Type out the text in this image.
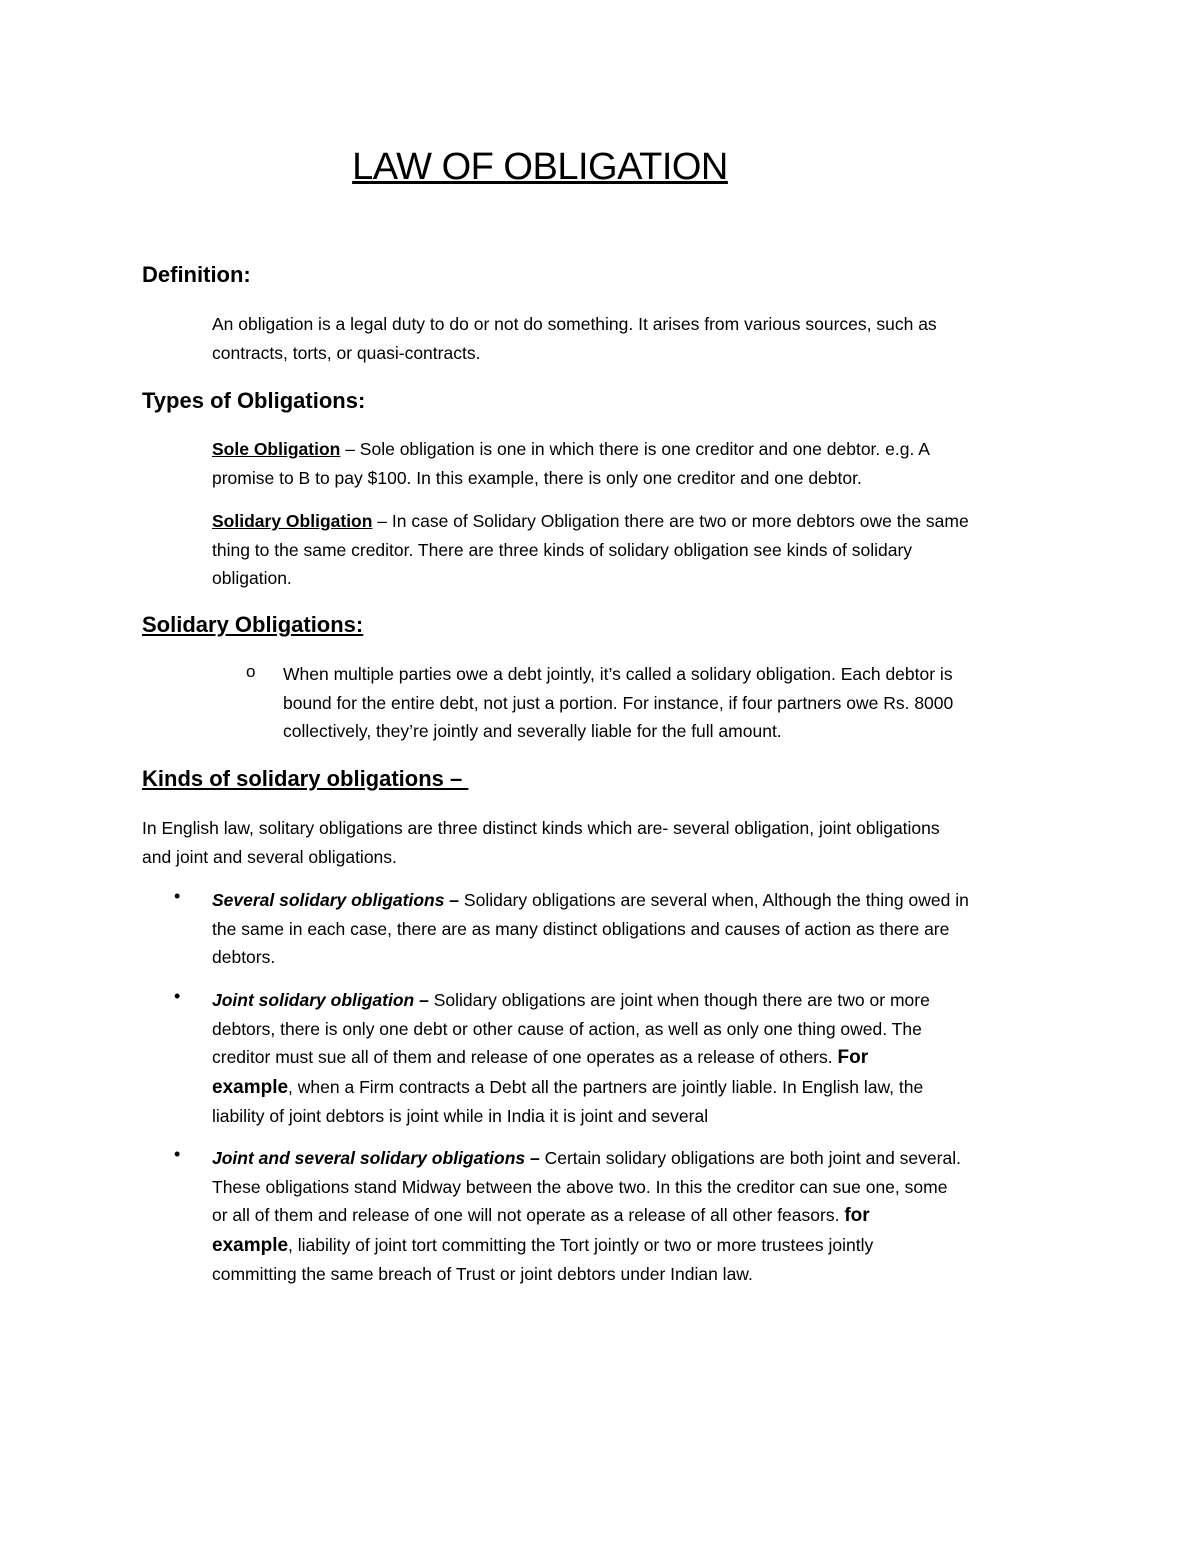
LAW OF OBLIGATION
Definition:

An obligation is a legal duty to do or not do something. It arises from various sources, such as
contracts, torts, or quasi-contracts.

Types of Obligations:

Sole Obligation – Sole obligation is one in which there is one creditor and one debtor. e.g. A
promise to B to pay $100. In this example, there is only one creditor and one debtor.

Solidary Obligation – In case of Solidary Obligation there are two or more debtors owe the same
thing to the same creditor. There are three kinds of solidary obligation see kinds of solidary
obligation.

Solidary Obligations:
o When multiple parties owe a debt jointly, it’s called a solidary obligation. Each debtor is
bound for the entire debt, not just a portion. For instance, if four partners owe Rs. 8000
collectively, they’re jointly and severally liable for the full amount.

Kinds of solidary obligations –

In English law, solitary obligations are three distinct kinds which are- several obligation, joint obligations
and joint and several obligations.

• Several solidary obligations – Solidary obligations are several when, Although the thing owed in
the same in each case, there are as many distinct obligations and causes of action as there are
debtors.

• Joint solidary obligation – Solidary obligations are joint when though there are two or more
debtors, there is only one debt or other cause of action, as well as only one thing owed. The
creditor must sue all of them and release of one operates as a release of others. For
example, when a Firm contracts a Debt all the partners are jointly liable. In English law, the
liability of joint debtors is joint while in India it is joint and several

• Joint and several solidary obligations – Certain solidary obligations are both joint and several.
These obligations stand Midway between the above two. In this the creditor can sue one, some
or all of them and release of one will not operate as a release of all other feasors. for
example, liability of joint tort committing the Tort jointly or two or more trustees jointly
committing the same breach of Trust or joint debtors under Indian law.
